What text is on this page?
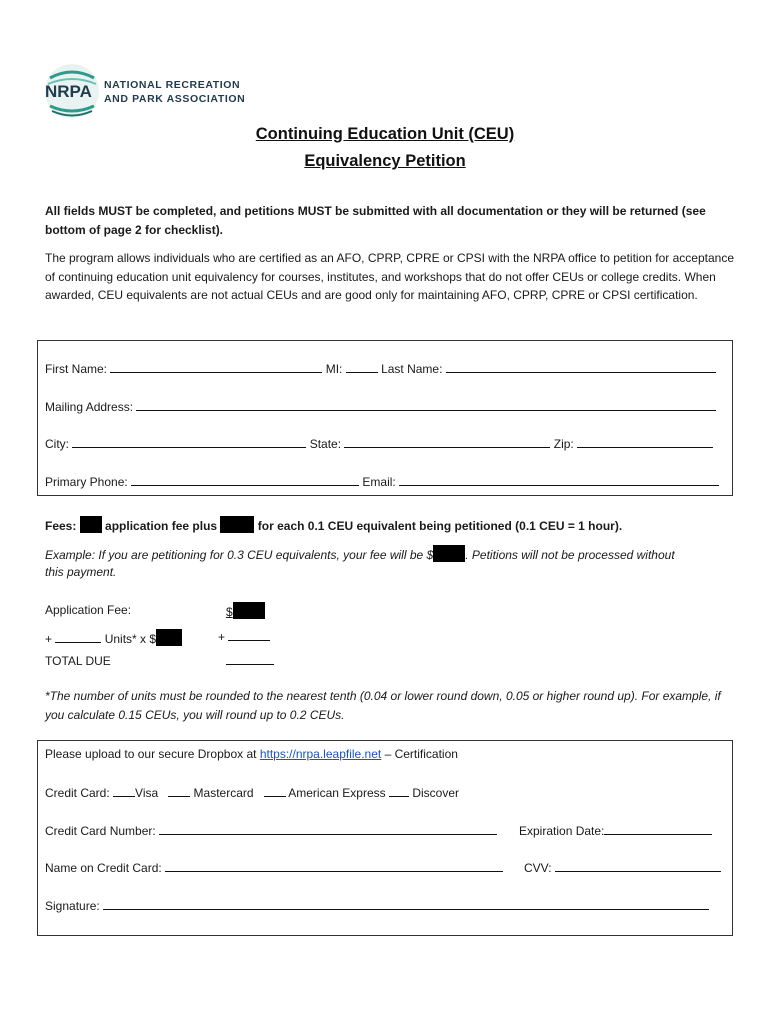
NRPA NATIONAL RECREATION
AND PARK ASSOCIATION
Continuing Education Unit (CEU)
Equivalency Petition
All fields MUST be completed, and petitions MUST be submitted with all documentation or they will be returned (see bottom of page 2 for checklist).
The program allows individuals who are certified as an AFO, CPRP, CPRE or CPSI with the NRPA office to petition for acceptance of continuing education unit equivalency for courses, institutes, and workshops that do not offer CEUs or college credits. When awarded, CEU equivalents are not actual CEUs and are good only for maintaining AFO, CPRP, CPRE or CPSI certification.
First Name:	MI:	Last Name:
Mailing Address:
City:	State:	Zip:
Primary Phone:	Email:
Fees: application fee plus	for each 0.1 CEU equivalent being petitioned (0.1 CEU = 1 hour).
Example: If you are petitioning for 0.3 CEU equivalents, your fee will be $	. Petitions will not be processed without
this payment.
Application Fee:	$
+	Units* x $	+
TOTAL DUE
*The number of units must be rounded to the nearest tenth (0.04 or lower round down, 0.05 or higher round up). For example, if you calculate 0.15 CEUs, you will round up to 0.2 CEUs.
Please upload to our secure Dropbox at https://nrpa.leapfile.net – Certification
Credit Card: Visa	Mastercard	American Express Discover
Credit Card Number:	Expiration Date:
Name on Credit Card:	CVV:
Signature:
